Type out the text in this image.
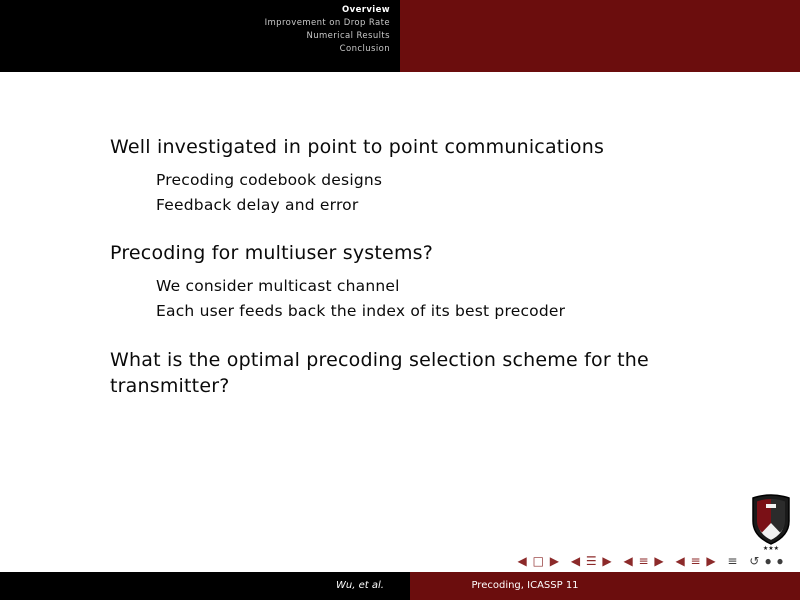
Overview
Improvement on Drop Rate
Numerical Results
Conclusion
Well investigated in point to point communications
Precoding codebook designs
Feedback delay and error
Precoding for multiuser systems?
We consider multicast channel
Each user feeds back the index of its best precoder
What is the optimal precoding selection scheme for the transmitter?
★★★
◀ □ ▶ ◀ ☰ ▶ ◀ ≡ ▶ ◀ ≡ ▶ ≡ ↺ ⦁ ⦁
Wu, et al.	Precoding, ICASSP 11
